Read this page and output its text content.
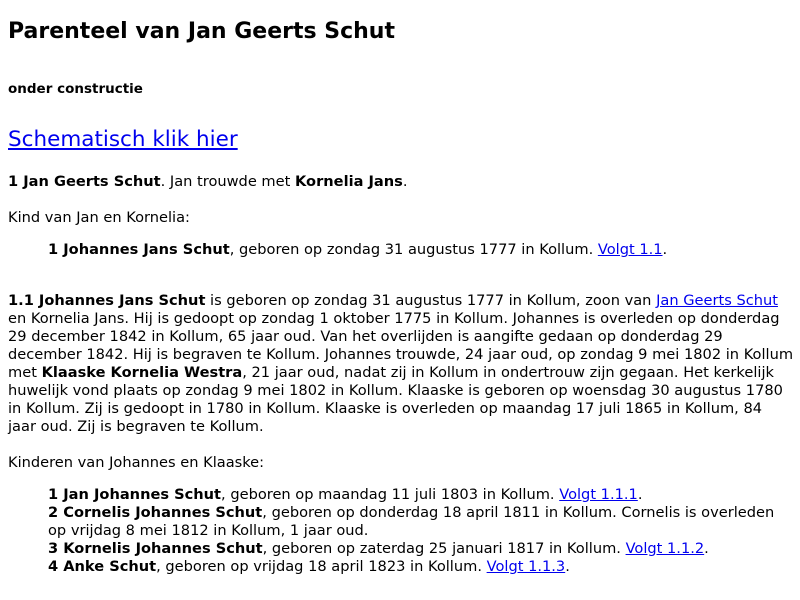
Parenteel van Jan Geerts Schut
onder constructie
Schematisch klik hier

1 Jan Geerts Schut. Jan trouwde met Kornelia Jans.

Kind van Jan en Kornelia:

1 Johannes Jans Schut, geboren op zondag 31 augustus 1777 in Kollum. Volgt 1.1.

1.1 Johannes Jans Schut is geboren op zondag 31 augustus 1777 in Kollum, zoon van Jan Geerts Schut en Kornelia Jans. Hij is gedoopt op zondag 1 oktober 1775 in Kollum. Johannes is overleden op donderdag 29 december 1842 in Kollum, 65 jaar oud. Van het overlijden is aangifte gedaan op donderdag 29 december 1842. Hij is begraven te Kollum. Johannes trouwde, 24 jaar oud, op zondag 9 mei 1802 in Kollum met Klaaske Kornelia Westra, 21 jaar oud, nadat zij in Kollum in ondertrouw zijn gegaan. Het kerkelijk huwelijk vond plaats op zondag 9 mei 1802 in Kollum. Klaaske is geboren op woensdag 30 augustus 1780 in Kollum. Zij is gedoopt in 1780 in Kollum. Klaaske is overleden op maandag 17 juli 1865 in Kollum, 84 jaar oud. Zij is begraven te Kollum.

Kinderen van Johannes en Klaaske:

1 Jan Johannes Schut, geboren op maandag 11 juli 1803 in Kollum. Volgt 1.1.1.
2 Cornelis Johannes Schut, geboren op donderdag 18 april 1811 in Kollum. Cornelis is overleden op vrijdag 8 mei 1812 in Kollum, 1 jaar oud.
3 Kornelis Johannes Schut, geboren op zaterdag 25 januari 1817 in Kollum. Volgt 1.1.2.
4 Anke Schut, geboren op vrijdag 18 april 1823 in Kollum. Volgt 1.1.3.
